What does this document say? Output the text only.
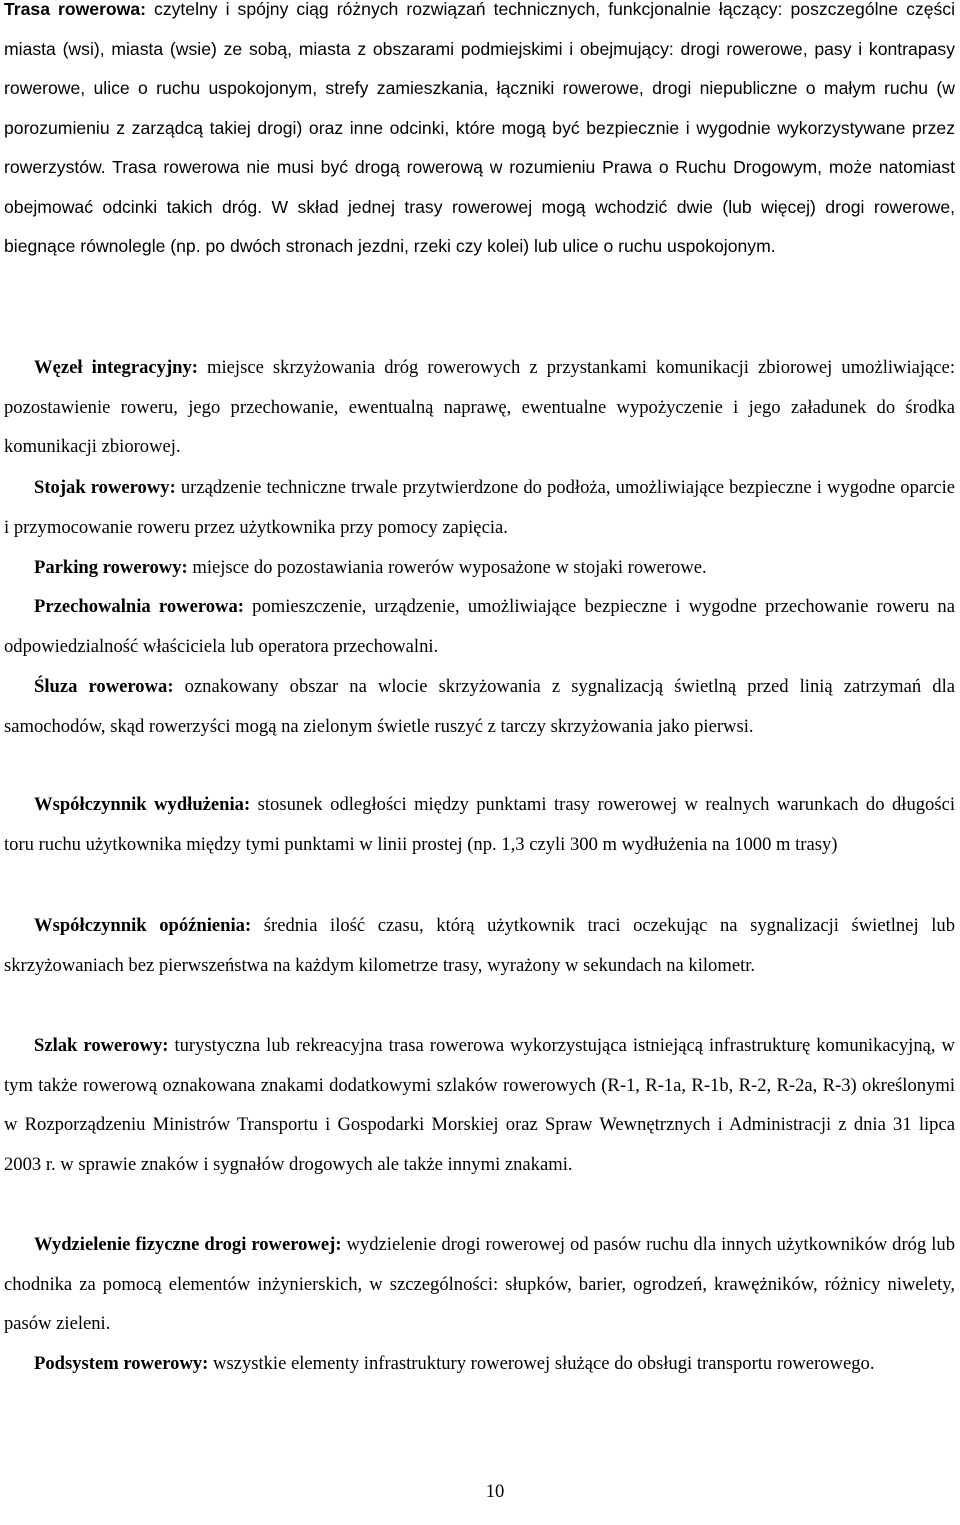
Trasa rowerowa: czytelny i spójny ciąg różnych rozwiązań technicznych, funkcjonalnie łączący: poszczególne części miasta (wsi), miasta (wsie) ze sobą, miasta z obszarami podmiejskimi i obejmujący: drogi rowerowe, pasy i kontrapasy rowerowe, ulice o ruchu uspokojonym, strefy zamieszkania, łączniki rowerowe, drogi niepubliczne o małym ruchu (w porozumieniu z zarządcą takiej drogi) oraz inne odcinki, które mogą być bezpiecznie i wygodnie wykorzystywane przez rowerzystów. Trasa rowerowa nie musi być drogą rowerową w rozumieniu Prawa o Ruchu Drogowym, może natomiast obejmować odcinki takich dróg. W skład jednej trasy rowerowej mogą wchodzić dwie (lub więcej) drogi rowerowe, biegnące równolegle (np. po dwóch stronach jezdni, rzeki czy kolei) lub ulice o ruchu uspokojonym.

Węzeł integracyjny: miejsce skrzyżowania dróg rowerowych z przystankami komunikacji zbiorowej umożliwiające: pozostawienie roweru, jego przechowanie, ewentualną naprawę, ewentualne wypożyczenie i jego załadunek do środka komunikacji zbiorowej.

Stojak rowerowy: urządzenie techniczne trwale przytwierdzone do podłoża, umożliwiające bezpieczne i wygodne oparcie i przymocowanie roweru przez użytkownika przy pomocy zapięcia.

Parking rowerowy: miejsce do pozostawiania rowerów wyposażone w stojaki rowerowe.

Przechowalnia rowerowa: pomieszczenie, urządzenie, umożliwiające bezpieczne i wygodne przechowanie roweru na odpowiedzialność właściciela lub operatora przechowalni.

Śluza rowerowa: oznakowany obszar na wlocie skrzyżowania z sygnalizacją świetlną przed linią zatrzymań dla samochodów, skąd rowerzyści mogą na zielonym świetle ruszyć z tarczy skrzyżowania jako pierwsi.

Współczynnik wydłużenia: stosunek odległości między punktami trasy rowerowej w realnych warunkach do długości toru ruchu użytkownika między tymi punktami w linii prostej (np. 1,3 czyli 300 m wydłużenia na 1000 m trasy)

Współczynnik opóźnienia: średnia ilość czasu, którą użytkownik traci oczekując na sygnalizacji świetlnej lub skrzyżowaniach bez pierwszeństwa na każdym kilometrze trasy, wyrażony w sekundach na kilometr.

Szlak rowerowy: turystyczna lub rekreacyjna trasa rowerowa wykorzystująca istniejącą infrastrukturę komunikacyjną, w tym także rowerową oznakowana znakami dodatkowymi szlaków rowerowych (R-1, R-1a, R-1b, R-2, R-2a, R-3) określonymi w Rozporządzeniu Ministrów Transportu i Gospodarki Morskiej oraz Spraw Wewnętrznych i Administracji z dnia 31 lipca 2003 r. w sprawie znaków i sygnałów drogowych ale także innymi znakami.

Wydzielenie fizyczne drogi rowerowej: wydzielenie drogi rowerowej od pasów ruchu dla innych użytkowników dróg lub chodnika za pomocą elementów inżynierskich, w szczególności: słupków, barier, ogrodzeń, krawężników, różnicy niwelety, pasów zieleni.

Podsystem rowerowy: wszystkie elementy infrastruktury rowerowej służące do obsługi transportu rowerowego.

10
